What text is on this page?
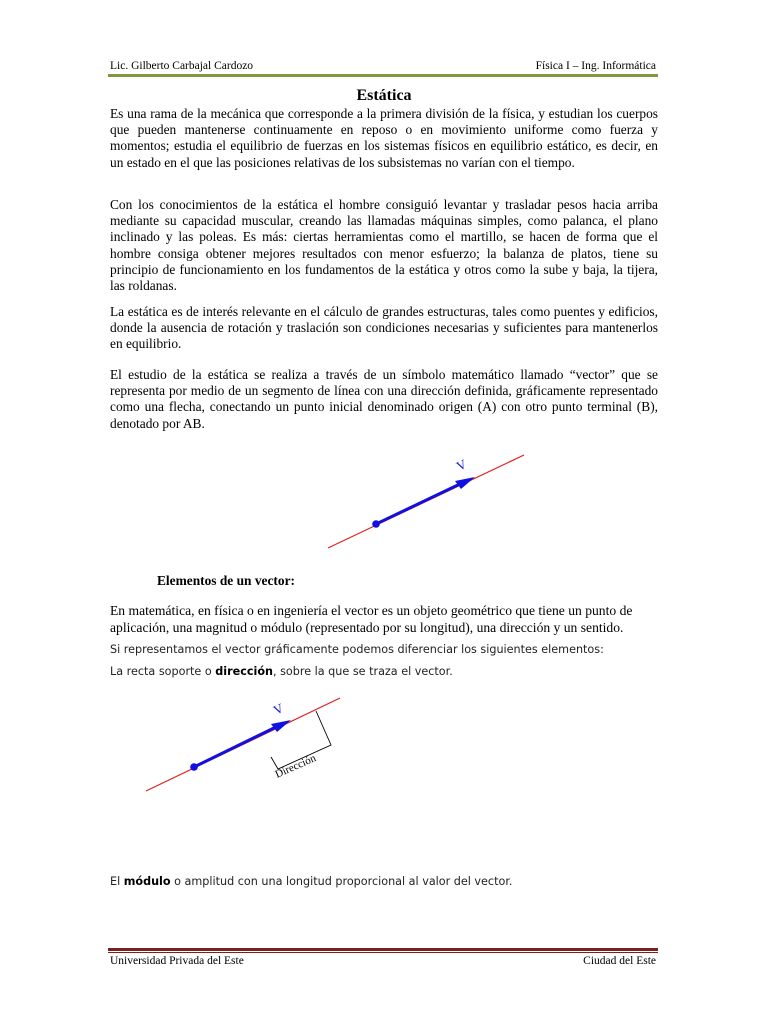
Lic. Gilberto Carbajal Cardozo	Física I – Ing. Informática
Estática

Es una rama de la mecánica que corresponde a la primera división de la física, y estudian los cuerpos que pueden mantenerse continuamente en reposo o en movimiento uniforme como fuerza y momentos; estudia el equilibrio de fuerzas en los sistemas físicos en equilibrio estático, es decir, en un estado en el que las posiciones relativas de los subsistemas no varían con el tiempo.

Con los conocimientos de la estática el hombre consiguió levantar y trasladar pesos hacia arriba mediante su capacidad muscular, creando las llamadas máquinas simples, como palanca, el plano inclinado y las poleas. Es más: ciertas herramientas como el martillo, se hacen de forma que el hombre consiga obtener mejores resultados con menor esfuerzo; la balanza de platos, tiene su principio de funcionamiento en los fundamentos de la estática y otros como la sube y baja, la tijera, las roldanas.

La estática es de interés relevante en el cálculo de grandes estructuras, tales como puentes y edificios, donde la ausencia de rotación y traslación son condiciones necesarias y suficientes para mantenerlos en equilibrio.

El estudio de la estática se realiza a través de un símbolo matemático llamado “vector” que se representa por medio de un segmento de línea con una dirección definida, gráficamente representado como una flecha, conectando un punto inicial denominado origen (A) con otro punto terminal (B), denotado por AB.

V
Elementos de un vector:

En matemática, en física o en ingeniería el vector es un objeto geométrico que tiene un punto de aplicación, una magnitud o módulo (representado por su longitud), una dirección y un sentido.

Si representamos el vector gráficamente podemos diferenciar los siguientes elementos:

La recta soporte o dirección, sobre la que se traza el vector.

V
Dirección

El módulo o amplitud con una longitud proporcional al valor del vector.

Universidad Privada del Este	Ciudad del Este
